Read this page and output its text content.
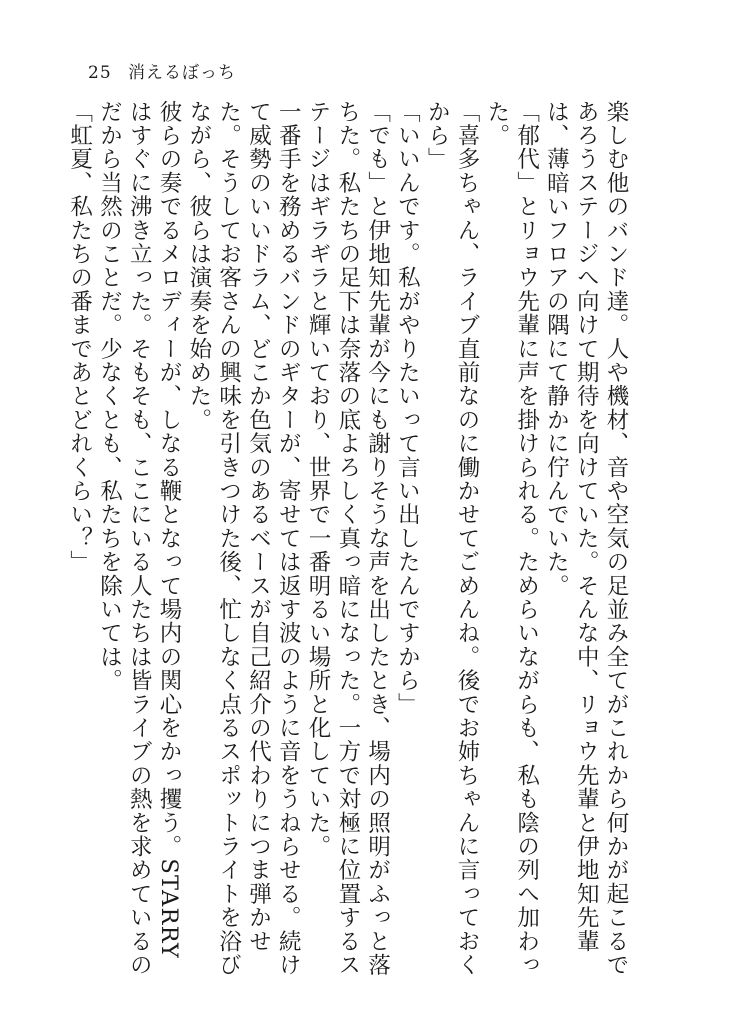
25 消えるぼっち

楽しむ他のバンド達。人や機材、音や空気の足並み全てがこれから何かが起こるであろうステージへ向けて期待を向けていた。そんな中、リョウ先輩と伊地知先輩は、薄暗いフロアの隅にて静かに佇んでいた。

「郁代」とリョウ先輩に声を掛けられる。ためらいながらも、私も陰の列へ加わった。

「喜多ちゃん、ライブ直前なのに働かせてごめんね。後でお姉ちゃんに言っておくから」

「いいんです。私がやりたいって言い出したんですから」

「でも」と伊地知先輩が今にも謝りそうな声を出したとき、場内の照明がふっと落ちた。私たちの足下は奈落の底よろしく真っ暗になった。一方で対極に位置するステージはギラギラと輝いており、世界で一番明るい場所と化していた。

一番手を務めるバンドのギターが、寄せては返す波のように音をうねらせる。続けて威勢のいいドラム、どこか色気のあるベースが自己紹介の代わりにつま弾かせた。そうしてお客さんの興味を引きつけた後、忙しなく点るスポットライトを浴びながら、彼らは演奏を始めた。

彼らの奏でるメロディーが、しなる鞭となって場内の関心をかっ攫う。STARRYはすぐに沸き立った。そもそも、ここにいる人たちは皆ライブの熱を求めているのだから当然のことだ。少なくとも、私たちを除いては。

「虹夏、私たちの番まであとどれくらい？」
